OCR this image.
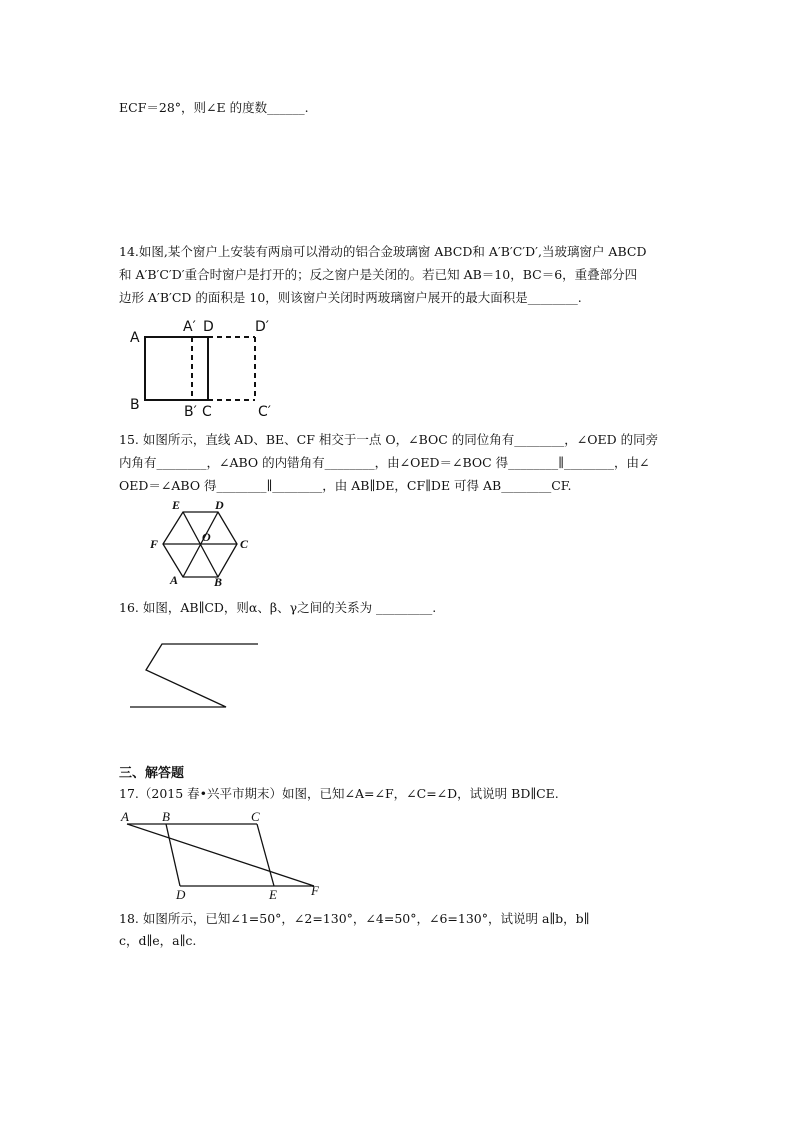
ECF＝28°，则∠E 的度数______.
14.如图,某个窗户上安装有两扇可以滑动的铝合金玻璃窗 ABCD和 A′B′C′D′,当玻璃窗户 ABCD
和 A′B′C′D′重合时窗户是打开的；反之窗户是关闭的。若已知 AB＝10，BC＝6，重叠部分四
边形 A′B′CD 的面积是 10，则该窗户关闭时两玻璃窗户展开的最大面积是________.
A
A′ D	D′
B	B′ C	C′
15. 如图所示，直线 AD、BE、CF 相交于一点 O，∠BOC 的同位角有________，∠OED 的同旁
内角有________，∠ABO 的内错角有________，由∠OED＝∠BOC 得________∥________，由∠
OED＝∠ABO 得________∥________，由 AB∥DE，CF∥DE 可得 AB________CF.
E	D
F	O C
A	B
16. 如图，AB∥CD，则α、β、γ之间的关系为 _________.
三、解答题
17.（2015 春•兴平市期末）如图，已知∠A=∠F，∠C=∠D，试说明 BD∥CE.
A	B	C
D	E	F
18. 如图所示，已知∠1=50°，∠2=130°，∠4=50°，∠6=130°，试说明 a∥b，b∥
c，d∥e，a∥c.
